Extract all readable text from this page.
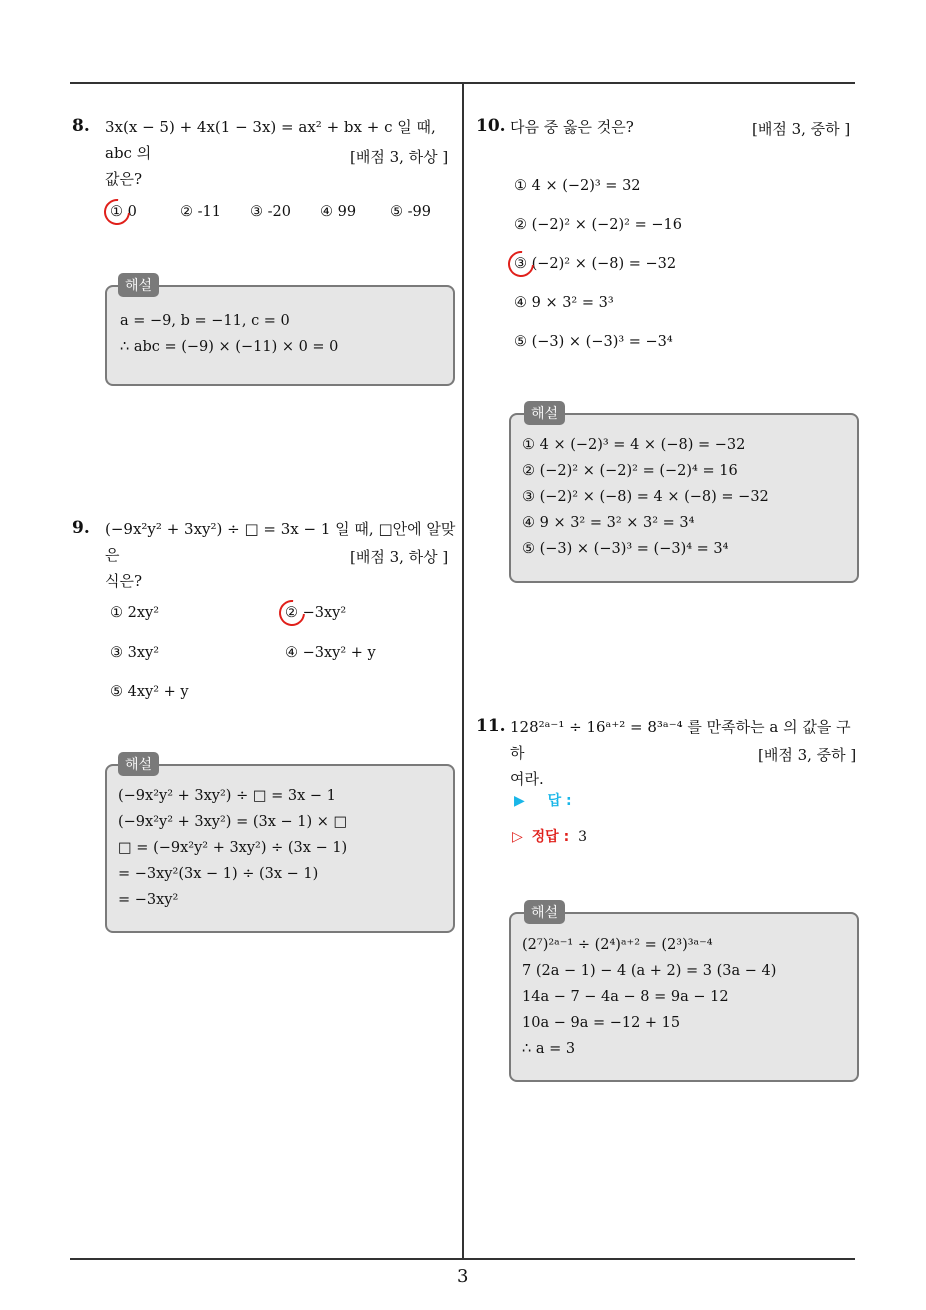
3
8. 3x(x − 5) + 4x(1 − 3x) = ax² + bx + c 일 때, abc 의
값은?
[배점 3, 하상 ]
① 0	② -11 ③ -20 ④ 99 ⑤ -99
해설
a = −9, b = −11, c = 0
∴ abc = (−9) × (−11) × 0 = 0
9. (−9x²y² + 3xy²) ÷ □ = 3x − 1 일 때, □안에 알맞은
식은?
[배점 3, 하상 ]
① 2xy²	② −3xy²
③ 3xy²	④ −3xy² + y
⑤ 4xy² + y
해설
(−9x²y² + 3xy²) ÷ □ = 3x − 1
(−9x²y² + 3xy²) = (3x − 1) × □
□ = (−9x²y² + 3xy²) ÷ (3x − 1)
= −3xy²(3x − 1) ÷ (3x − 1)
= −3xy²
10. 다음 중 옳은 것은?	[배점 3, 중하 ]
① 4 × (−2)³ = 32
② (−2)² × (−2)² = −16
③ (−2)² × (−8) = −32
④ 9 × 3² = 3³
⑤ (−3) × (−3)³ = −3⁴
해설
① 4 × (−2)³ = 4 × (−8) = −32
② (−2)² × (−2)² = (−2)⁴ = 16
③ (−2)² × (−8) = 4 × (−8) = −32
④ 9 × 3² = 3² × 3² = 3⁴
⑤ (−3) × (−3)³ = (−3)⁴ = 3⁴
11. 128²ᵃ⁻¹ ÷ 16ᵃ⁺² = 8³ᵃ⁻⁴ 를 만족하는 a 의 값을 구하
여라.
[배점 3, 중하 ]
▶ 답 :
▷ 정답 : 3
해설
(2⁷)²ᵃ⁻¹ ÷ (2⁴)ᵃ⁺² = (2³)³ᵃ⁻⁴
7 (2a − 1) − 4 (a + 2) = 3 (3a − 4)
14a − 7 − 4a − 8 = 9a − 12
10a − 9a = −12 + 15
∴ a = 3
